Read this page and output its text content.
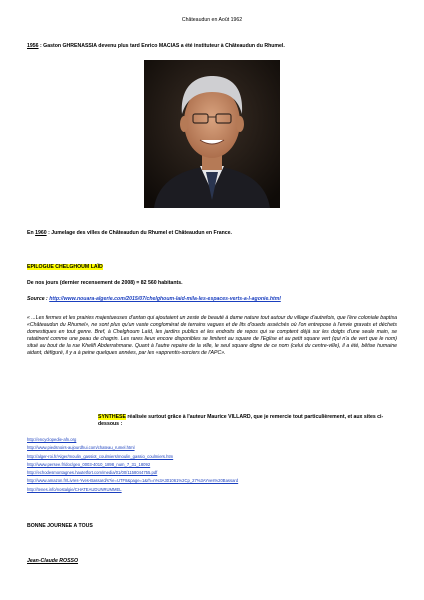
Châteaudun en Août 1962
1956 : Gaston GHRENASSIA devenu plus tard Enrico MACIAS a été instituteur à Châteaudun du Rhumel.
En 1960 : Jumelage des villes de Châteaudun du Rhumel et Châteaudun en France.
EPILOGUE CHELGHOUM LAÏD
De nos jours (dernier recensement de 2008) = 82 560 habitants.
Source : http://www.nouara-algerie.com/2015/07/chelghoum-laid-mila-les-espaces-verts-a-l-agonie.html
« ...Les fermes et les prairies majestueuses d'antan qui ajoutaient un zeste de beauté à dame nature tout autour du village d'autrefois, que l'ère coloniale baptisa «Châteaudun du Rhumel», ne sont plus qu'un vaste conglomérat de terrains vagues et de lits d'oueds asséchés où l'on entrepose à l'envie gravats et déchets domestiques en tout genre. Bref, à Chelghoum Laïd, les jardins publics et les endroits de repos qui se comptent déjà sur les doigts d'une seule main, se ratatinent comme une peau de chagrin. Les rares lieux encore disponibles se limitent au square de l'Eglise et au petit square vert (qui n'a de vert que le nom) situé au bout de la rue Khelifi Abderrahmane. Quant à l'autre repaire de la ville, le seul square digne de ce nom (celui du centre-ville), il a été, bêtise humaine aidant, défiguré, il y a à peine quelques années, par les «apprentis-sorciers de l'APC».
SYNTHESE réalisée surtout grâce à l'auteur Maurice VILLARD, que je remercie tout particulièrement, et aux sites ci-dessous :
http://encyclopedie-afn.org
http://www.piedsnoirs-aujourdhui.com/chateau_rumel.html
http://alger-roi.fr/Alger/moulin_gassiot_coulmiers/moulin_gassio_coulmiers.htm
http://www.persee.fr/doc/geo_0003-4010_1898_num_7_31_18092
http://echodesmontagnes.hautetfort.com/media/01/00/1158044755.pdf
http://www.amazon.fr/Livres-Yves-Bassard/s?ie=UTF8&page=1&rh=n%3A301061%2Cp_27%3AYves%20Bassard
http://tenes.info/nostalgie/CHATEAUDUNRUMMEL
BONNE JOURNEE A TOUS
Jean-Claude ROSSO
